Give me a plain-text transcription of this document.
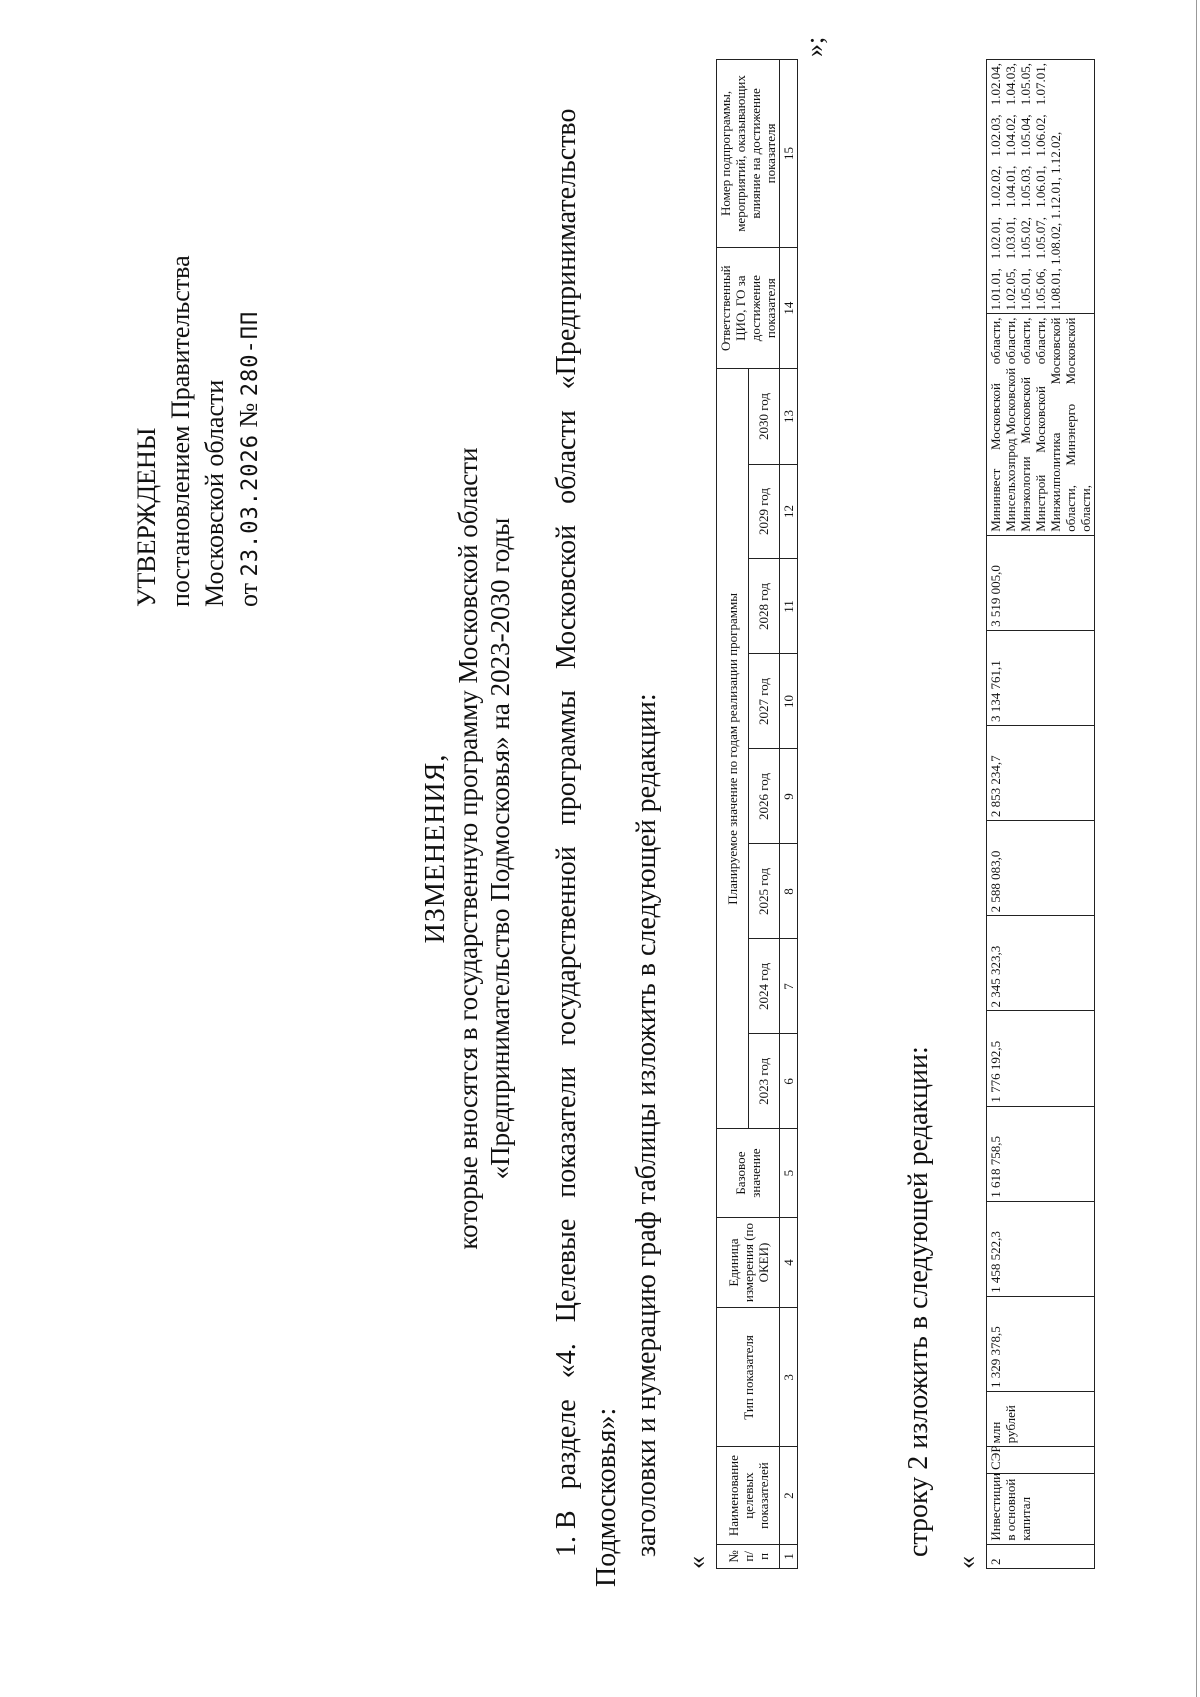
УТВЕРЖДЕНЫ постановлением Правительства Московской области от 23.03.2026 № 280-ПП
ИЗМЕНЕНИЯ, которые вносятся в государственную программу Московской области «Предпринимательство Подмосковья» на 2023-2030 годы 1. В   разделе   «4.   Целевые   показатели   государственной   программы   Московской   области   «Предпринимательство Подмосковья»: заголовки и нумерацию граф таблицы изложить в следующей редакции:
« № п/п	Наименование целевых показателей	Тип показателя	Единица измерения (по ОКЕИ)	Базовое значение	Планируемое значение по годам реализации программы								Ответственный ЦИО, ГО за достижение показателя	Номер подпрограммы, мероприятий, оказывающих влияние на достижение показателя
					2023 год	2024 год	2025 год	2026 год	2027 год	2028 год	2029 год	2030 год		
1	2	3	4	5	6	7	8	9	10	11	12	13	14	15
»;
строку 2 изложить в следующей редакции:
« 2	Инвестиции в основной капитал	СЭР	млн рублей	1 329 378,5	1 458 522,3	1 618 758,5	1 776 192,5	2 345 323,3	2 588 083,0	2 853 234,7	3 134 761,1	3 519 005,0	Мининвест Московской области, Минсельхозпрод Московской области, Минэкологии Московской области, Минстрой Московской области, Минжилполитика Московской области, Минэнерго Московской области,	1.01.01, 1.02.01, 1.02.02, 1.02.03, 1.02.04, 1.02.05, 1.03.01, 1.04.01, 1.04.02, 1.04.03, 1.05.01, 1.05.02, 1.05.03, 1.05.04, 1.05.05, 1.05.06, 1.05.07, 1.06.01, 1.06.02, 1.07.01, 1.08.01, 1.08.02, 1.12.01, 1.12.02,
